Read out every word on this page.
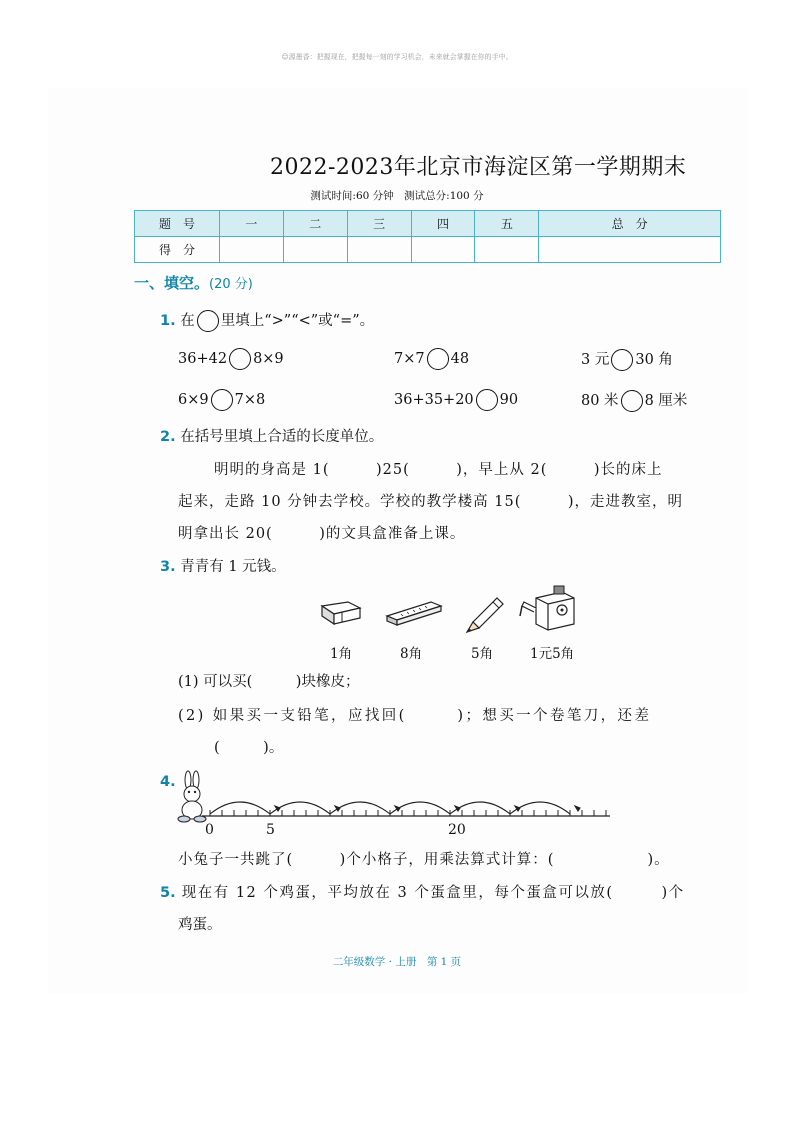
☺源墨香：把握现在，把握每一刻的学习机会，未来就会掌握在你的手中。
2022-2023年北京市海淀区第一学期期末
测试时间:60 分钟　测试总分:100 分
题　号	一	二	三	四	五	总　分
得　分						
一、填空。(20 分)
1. 在 里填上“>”“<”或“=”。
36+42 8×9	7×7 48	3 元 30 角
6×9 7×8	36+35+20 90	80 米 8 厘米
2. 在括号里填上合适的长度单位。
明明的身高是 1(　　　)25(　　　)，早上从 2(　　　)长的床上
起来，走路 10 分钟去学校。学校的教学楼高 15(　　　)，走进教室，明
明拿出长 20(　　　)的文具盒准备上课。
3. 青青有 1 元钱。
1角	8角	5角	1元5角
(1) 可以买(　　　)块橡皮；
(2) 如果买一支铅笔，应找回(　　　)；想买一个卷笔刀，还差
(　　　)。
4.
0	5	20
小兔子一共跳了(　　　)个小格子，用乘法算式计算：(　　　　　　)。
5. 现在有 12 个鸡蛋，平均放在 3 个蛋盒里，每个蛋盒可以放(　　　)个
鸡蛋。
二年级数学 · 上册　第 1 页
